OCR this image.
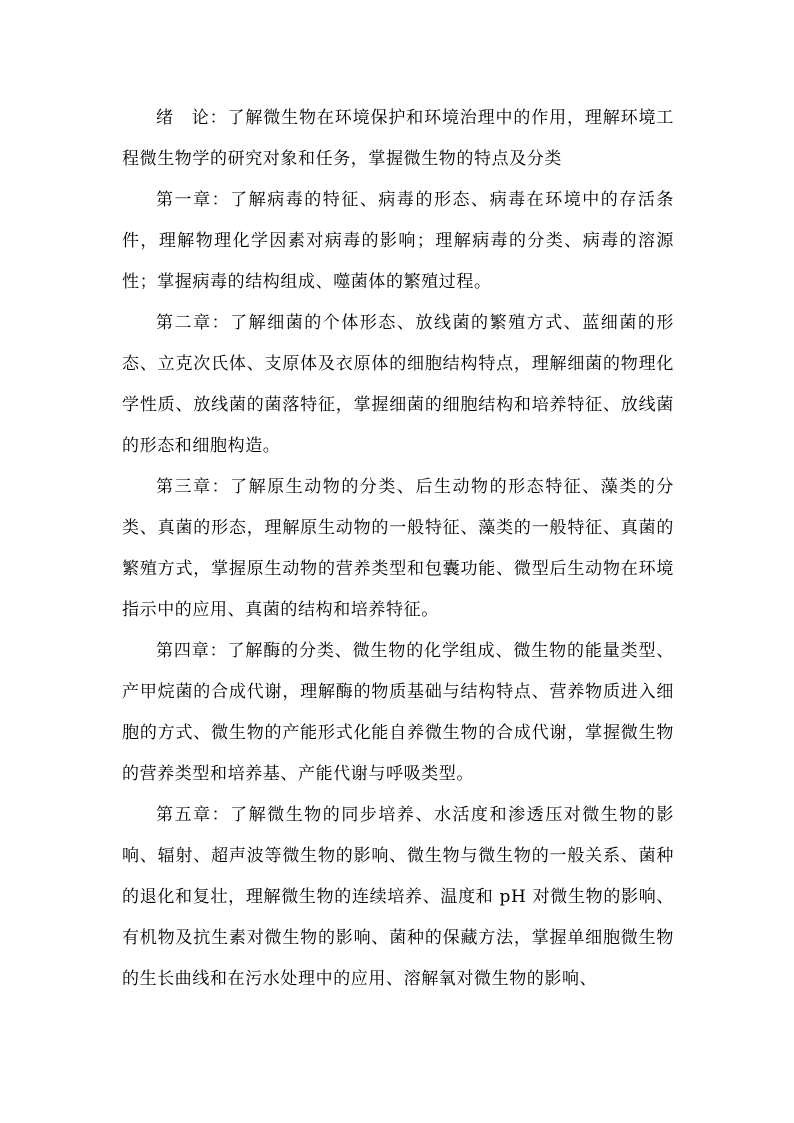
绪　论：了解微生物在环境保护和环境治理中的作用，理解环境工程微生物学的研究对象和任务，掌握微生物的特点及分类

第一章：了解病毒的特征、病毒的形态、病毒在环境中的存活条件，理解物理化学因素对病毒的影响；理解病毒的分类、病毒的溶源性；掌握病毒的结构组成、噬菌体的繁殖过程。

第二章：了解细菌的个体形态、放线菌的繁殖方式、蓝细菌的形态、立克次氏体、支原体及衣原体的细胞结构特点，理解细菌的物理化学性质、放线菌的菌落特征，掌握细菌的细胞结构和培养特征、放线菌的形态和细胞构造。

第三章：了解原生动物的分类、后生动物的形态特征、藻类的分类、真菌的形态，理解原生动物的一般特征、藻类的一般特征、真菌的繁殖方式，掌握原生动物的营养类型和包囊功能、微型后生动物在环境指示中的应用、真菌的结构和培养特征。

第四章：了解酶的分类、微生物的化学组成、微生物的能量类型、产甲烷菌的合成代谢，理解酶的物质基础与结构特点、营养物质进入细胞的方式、微生物的产能形式化能自养微生物的合成代谢，掌握微生物的营养类型和培养基、产能代谢与呼吸类型。

第五章：了解微生物的同步培养、水活度和渗透压对微生物的影响、辐射、超声波等微生物的影响、微生物与微生物的一般关系、菌种的退化和复壮，理解微生物的连续培养、温度和 pH 对微生物的影响、有机物及抗生素对微生物的影响、菌种的保藏方法，掌握单细胞微生物的生长曲线和在污水处理中的应用、溶解氧对微生物的影响、
